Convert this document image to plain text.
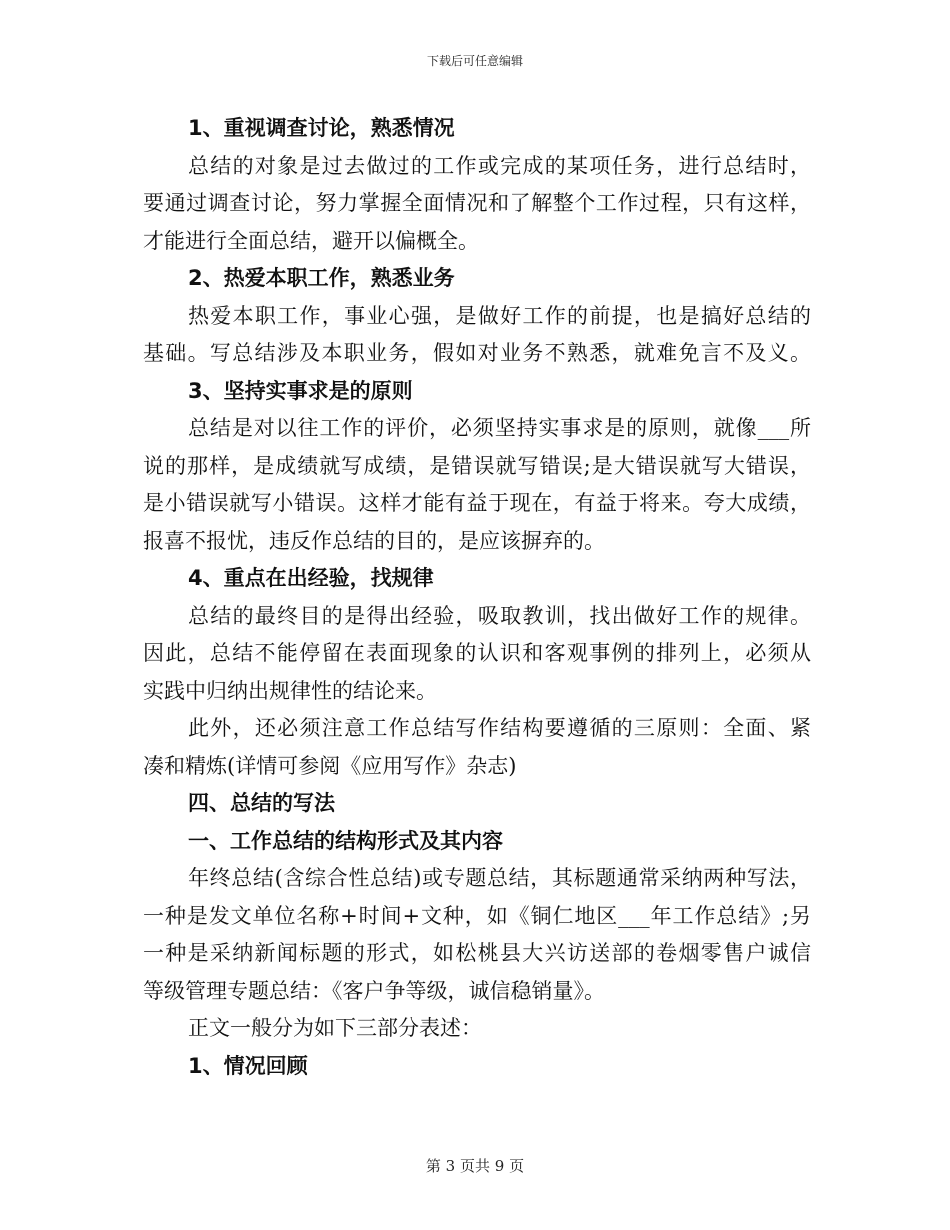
下载后可任意编辑
1、重视调查讨论，熟悉情况
总结的对象是过去做过的工作或完成的某项任务，进行总结时，
要通过调查讨论，努力掌握全面情况和了解整个工作过程，只有这样，
才能进行全面总结，避开以偏概全。
2、热爱本职工作，熟悉业务
热爱本职工作，事业心强，是做好工作的前提，也是搞好总结的
基础。写总结涉及本职业务，假如对业务不熟悉，就难免言不及义。
3、坚持实事求是的原则
总结是对以往工作的评价，必须坚持实事求是的原则，就像___所
说的那样，是成绩就写成绩，是错误就写错误;是大错误就写大错误，
是小错误就写小错误。这样才能有益于现在，有益于将来。夸大成绩，
报喜不报忧，违反作总结的目的，是应该摒弃的。
4、重点在出经验，找规律
总结的最终目的是得出经验，吸取教训，找出做好工作的规律。
因此，总结不能停留在表面现象的认识和客观事例的排列上，必须从
实践中归纳出规律性的结论来。
此外，还必须注意工作总结写作结构要遵循的三原则：全面、紧
凑和精炼(详情可参阅《应用写作》杂志)
四、总结的写法
一、工作总结的结构形式及其内容
年终总结(含综合性总结)或专题总结，其标题通常采纳两种写法，
一种是发文单位名称+时间+文种，如《铜仁地区___年工作总结》;另
一种是采纳新闻标题的形式，如松桃县大兴访送部的卷烟零售户诚信
等级管理专题总结：《客户争等级，诚信稳销量》。
正文一般分为如下三部分表述：
1、情况回顾
第 3 页共 9 页
